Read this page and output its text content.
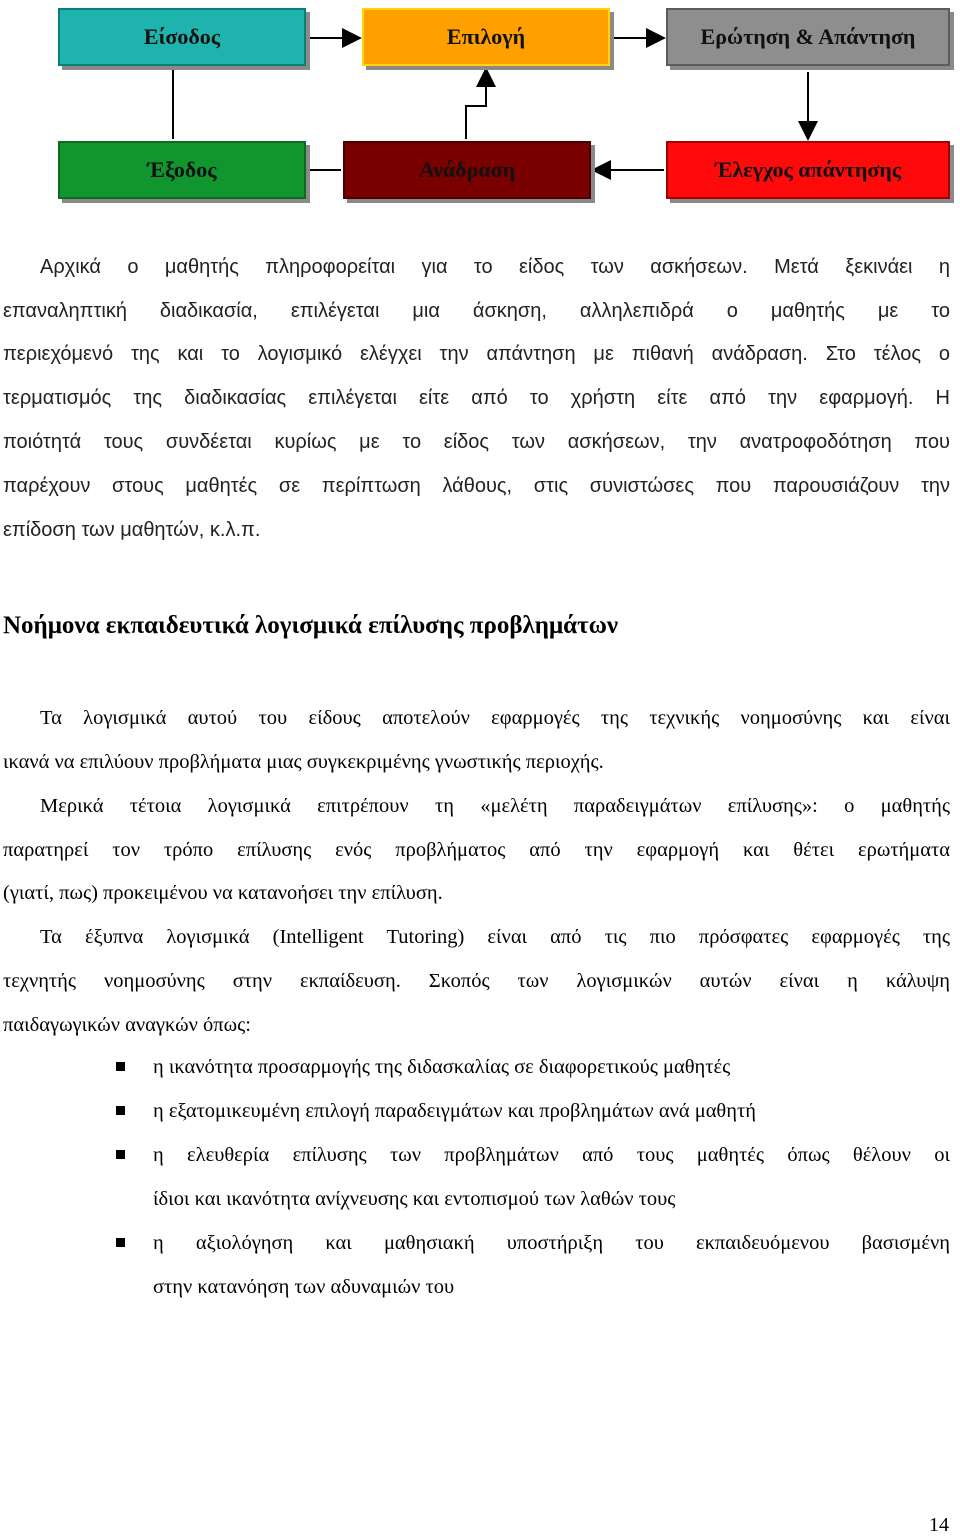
Είσοδος	Επιλογή	Ερώτηση & Απάντηση
Έξοδος	Ανάδραση	Έλεγχος απάντησης
Αρχικά ο μαθητής πληροφορείται για το είδος των ασκήσεων. Μετά ξεκινάει η
επαναληπτική διαδικασία, επιλέγεται μια άσκηση, αλληλεπιδρά ο μαθητής με το
περιεχόμενό της και το λογισμικό ελέγχει την απάντηση με πιθανή ανάδραση. Στο τέλος ο
τερματισμός της διαδικασίας επιλέγεται είτε από το χρήστη είτε από την εφαρμογή. Η
ποιότητά τους συνδέεται κυρίως με το είδος των ασκήσεων, την ανατροφοδότηση που
παρέχουν στους μαθητές σε περίπτωση λάθους, στις συνιστώσες που παρουσιάζουν την
επίδοση των μαθητών, κ.λ.π.
Νοήμονα εκπαιδευτικά λογισμικά επίλυσης προβλημάτων
Τα λογισμικά αυτού του είδους αποτελούν εφαρμογές της τεχνικής νοημοσύνης και είναι
ικανά να επιλύουν προβλήματα μιας συγκεκριμένης γνωστικής περιοχής.
Μερικά τέτοια λογισμικά επιτρέπουν τη «μελέτη παραδειγμάτων επίλυσης»: ο μαθητής
παρατηρεί τον τρόπο επίλυσης ενός προβλήματος από την εφαρμογή και θέτει ερωτήματα
(γιατί, πως) προκειμένου να κατανοήσει την επίλυση.
Τα έξυπνα λογισμικά (Intelligent Tutoring) είναι από τις πιο πρόσφατες εφαρμογές της
τεχνητής νοημοσύνης στην εκπαίδευση. Σκοπός των λογισμικών αυτών είναι η κάλυψη
παιδαγωγικών αναγκών όπως:
η ικανότητα προσαρμογής της διδασκαλίας σε διαφορετικούς μαθητές
η εξατομικευμένη επιλογή παραδειγμάτων και προβλημάτων ανά μαθητή
η ελευθερία επίλυσης των προβλημάτων από τους μαθητές όπως θέλουν οι
ίδιοι και ικανότητα ανίχνευσης και εντοπισμού των λαθών τους
η αξιολόγηση και μαθησιακή υποστήριξη του εκπαιδευόμενου βασισμένη
στην κατανόηση των αδυναμιών του
14
